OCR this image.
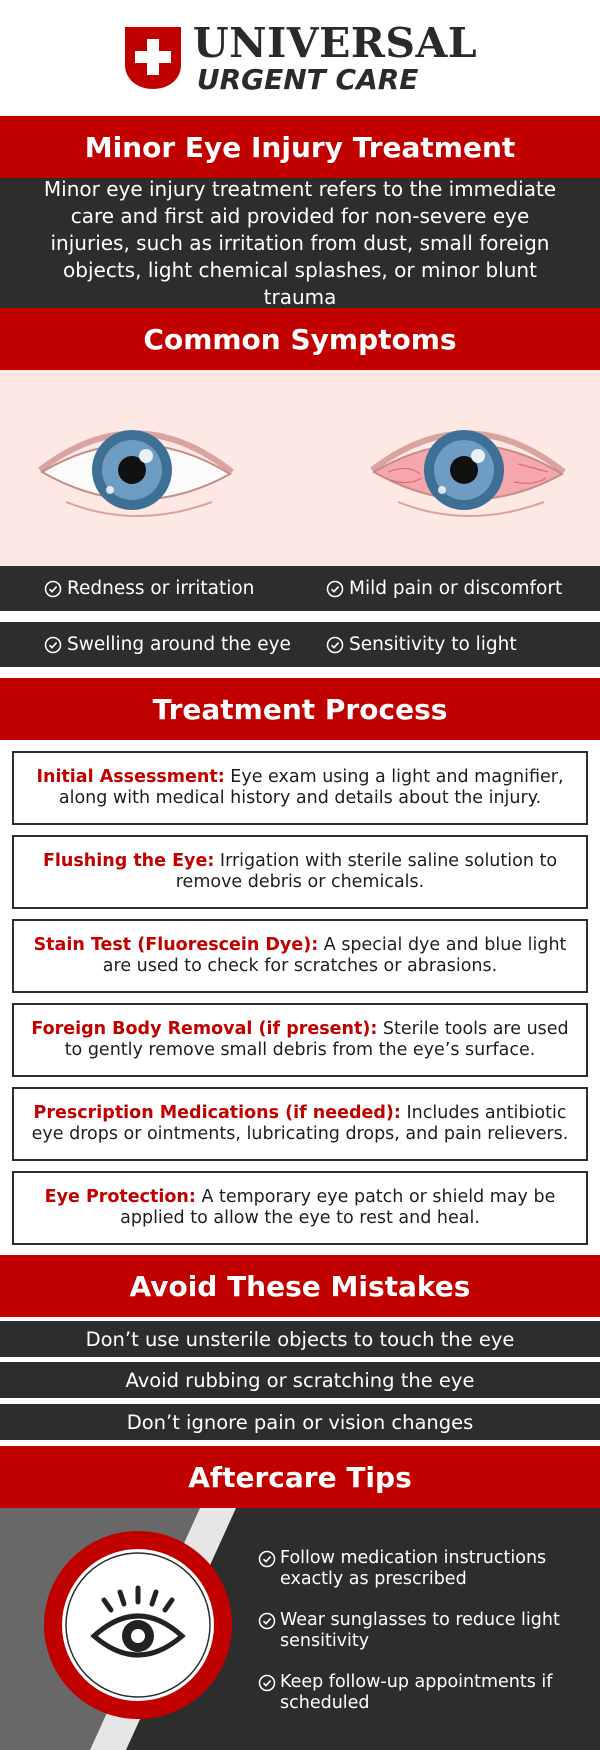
UNIVERSAL
URGENT CARE
Minor Eye Injury Treatment
Minor eye injury treatment refers to the immediate care and first aid provided for non-severe eye injuries, such as irritation from dust, small foreign objects, light chemical splashes, or minor blunt trauma
Common Symptoms
Redness or irritation	Mild pain or discomfort
Swelling around the eye	Sensitivity to light
Treatment Process

Initial Assessment: Eye exam using a light and magnifier, along with medical history and details about the injury.

Flushing the Eye: Irrigation with sterile saline solution to remove debris or chemicals.

Stain Test (Fluorescein Dye): A special dye and blue light are used to check for scratches or abrasions.

Foreign Body Removal (if present): Sterile tools are used to gently remove small debris from the eye’s surface.

Prescription Medications (if needed): Includes antibiotic eye drops or ointments, lubricating drops, and pain relievers.

Eye Protection: A temporary eye patch or shield may be applied to allow the eye to rest and heal.

Avoid These Mistakes
Don’t use unsterile objects to touch the eye
Avoid rubbing or scratching the eye
Don’t ignore pain or vision changes
Aftercare Tips
Follow medication instructions exactly as prescribed
Wear sunglasses to reduce light sensitivity
Keep follow-up appointments if scheduled
